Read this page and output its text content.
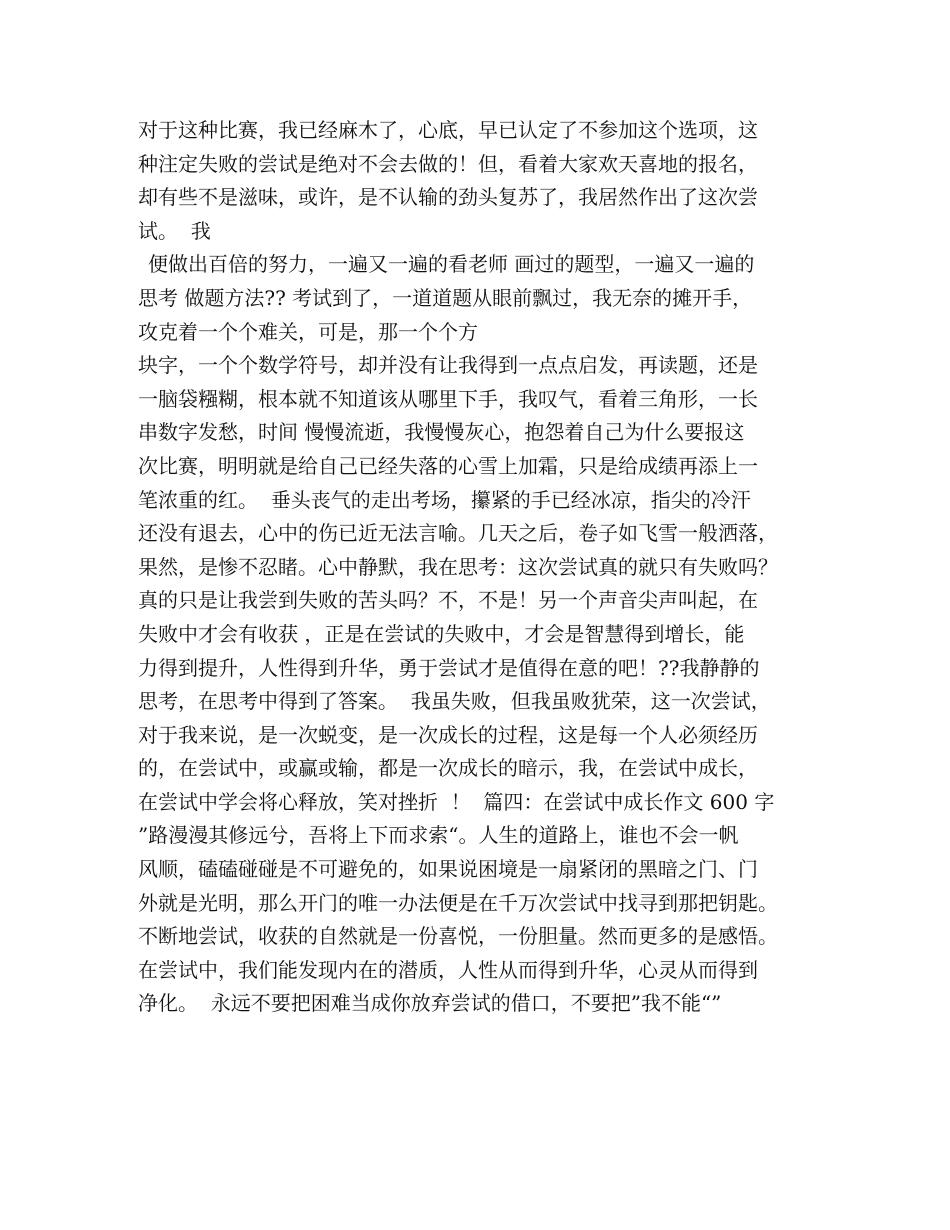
对于这种比赛，我已经麻木了，心底，早已认定了不参加这个选项，这
种注定失败的尝试是绝对不会去做的！但，看着大家欢天喜地的报名，
却有些不是滋味，或许，是不认输的劲头复苏了，我居然作出了这次尝
试。  我
便做出百倍的努力，一遍又一遍的看老师 画过的题型，一遍又一遍的
思考 做题方法?? 考试到了，一道道题从眼前飘过，我无奈的摊开手，
攻克着一个个难关，可是，那一个个方
块字，一个个数学符号，却并没有让我得到一点点启发，再读题，还是
一脑袋糨糊，根本就不知道该从哪里下手，我叹气，看着三角形，一长
串数字发愁，时间 慢慢流逝，我慢慢灰心，抱怨着自己为什么要报这
次比赛，明明就是给自己已经失落的心雪上加霜，只是给成绩再添上一
笔浓重的红。  垂头丧气的走出考场，攥紧的手已经冰凉，指尖的冷汗
还没有退去，心中的伤已近无法言喻。几天之后，卷子如飞雪一般洒落，
果然，是惨不忍睹。心中静默，我在思考：这次尝试真的就只有失败吗？
真的只是让我尝到失败的苦头吗？不，不是！另一个声音尖声叫起，在
失败中才会有收获 ，正是在尝试的失败中，才会是智慧得到增长，能
力得到提升，人性得到升华，勇于尝试才是值得在意的吧！??我静静的
思考，在思考中得到了答案。  我虽失败，但我虽败犹荣，这一次尝试，
对于我来说，是一次蜕变，是一次成长的过程，这是每一个人必须经历
的，在尝试中，或赢或输，都是一次成长的暗示，我，在尝试中成长，
在尝试中学会将心释放，笑对挫折  ！  篇四：在尝试中成长作文 600 字
”路漫漫其修远兮，吾将上下而求索“。人生的道路上，谁也不会一帆
风顺，磕磕碰碰是不可避免的，如果说困境是一扇紧闭的黑暗之门、门
外就是光明，那么开门的唯一办法便是在千万次尝试中找寻到那把钥匙。
不断地尝试，收获的自然就是一份喜悦，一份胆量。然而更多的是感悟。
在尝试中，我们能发现内在的潜质，人性从而得到升华，心灵从而得到
净化。  永远不要把困难当成你放弃尝试的借口，不要把”我不能“”
